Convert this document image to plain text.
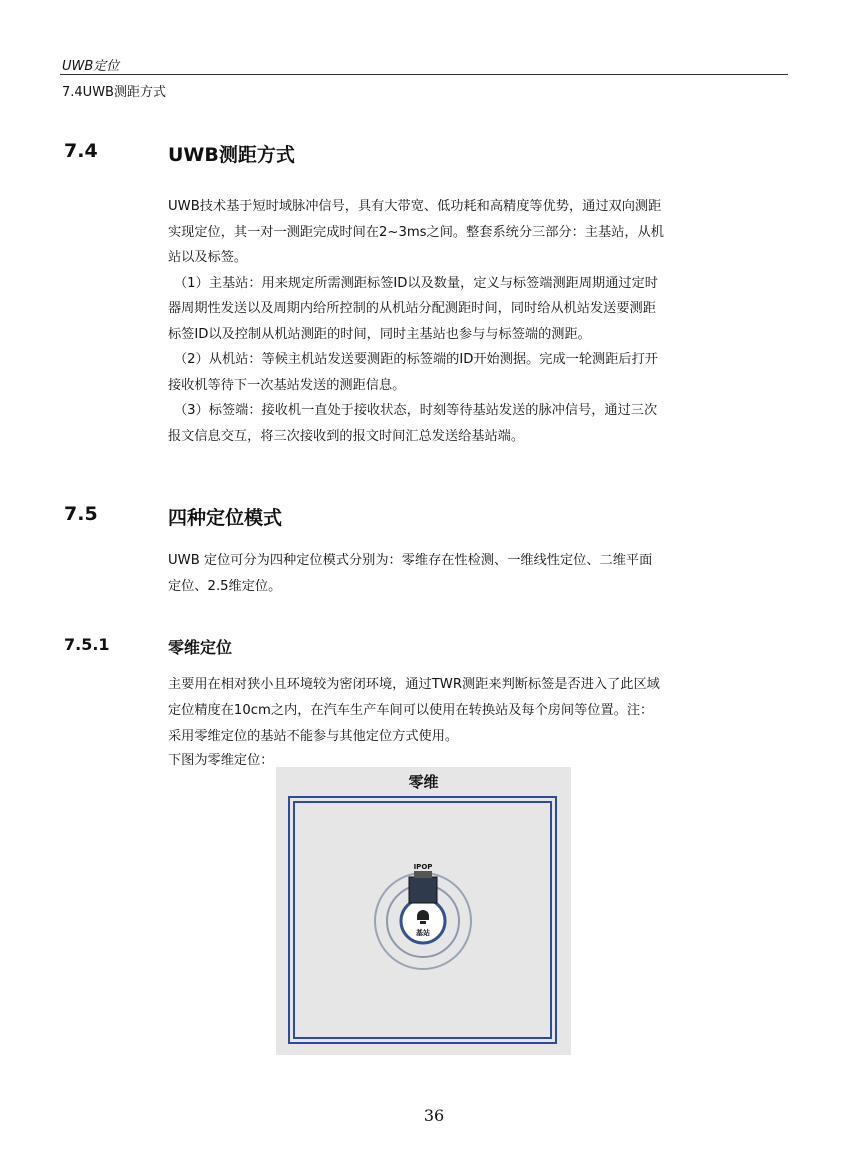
UWB定位
7.4UWB测距方式
7.4	UWB测距方式
UWB技术基于短时域脉冲信号，具有大带宽、低功耗和高精度等优势，通过双向测距
实现定位，其一对一测距完成时间在2~3ms之间。整套系统分三部分：主基站，从机
站以及标签。
（1）主基站：用来规定所需测距标签ID以及数量，定义与标签端测距周期通过定时
器周期性发送以及周期内给所控制的从机站分配测距时间，同时给从机站发送要测距
标签ID以及控制从机站测距的时间，同时主基站也参与与标签端的测距。
（2）从机站：等候主机站发送要测距的标签端的ID开始测据。完成一轮测距后打开
接收机等待下一次基站发送的测距信息。
（3）标签端：接收机一直处于接收状态，时刻等待基站发送的脉冲信号，通过三次
报文信息交互，将三次接收到的报文时间汇总发送给基站端。
7.5	四种定位模式
UWB 定位可分为四种定位模式分别为：零维存在性检测、一维线性定位、二维平面
定位、2.5维定位。
7.5.1	零维定位
主要用在相对狭小且环境较为密闭环境，通过TWR测距来判断标签是否进入了此区域
定位精度在10cm之内，在汽车生产车间可以使用在转换站及每个房间等位置。注：
采用零维定位的基站不能参与其他定位方式使用。
下图为零维定位：
零维
IPOP
基站
36
